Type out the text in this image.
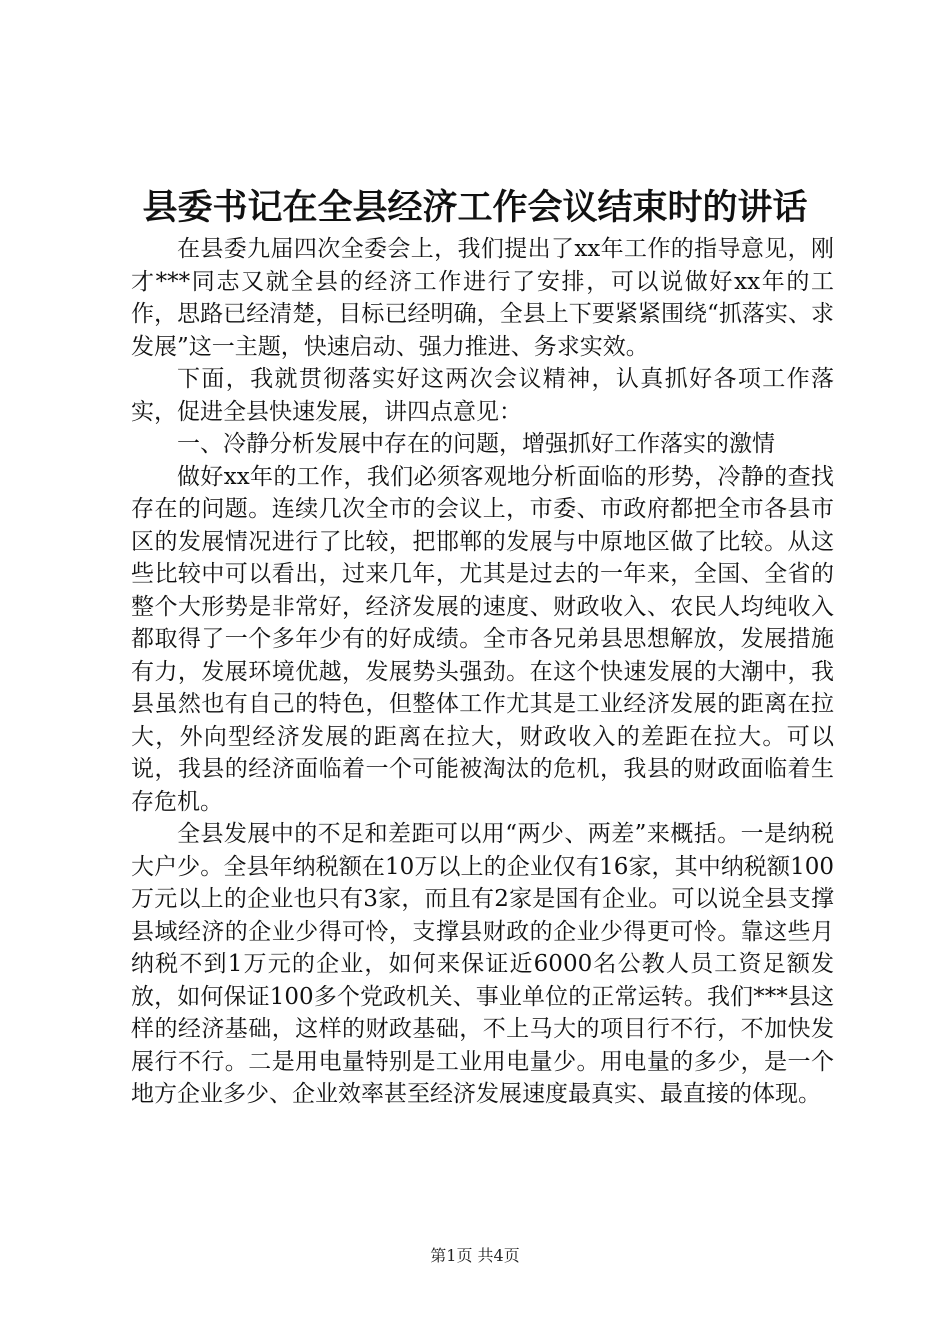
县委书记在全县经济工作会议结束时的讲话

在县委九届四次全委会上，我们提出了xx年工作的指导意见，刚才***同志又就全县的经济工作进行了安排，可以说做好xx年的工作，思路已经清楚，目标已经明确，全县上下要紧紧围绕“抓落实、求发展”这一主题，快速启动、强力推进、务求实效。

下面，我就贯彻落实好这两次会议精神，认真抓好各项工作落实，促进全县快速发展，讲四点意见：

一、冷静分析发展中存在的问题，增强抓好工作落实的激情

做好xx年的工作，我们必须客观地分析面临的形势，冷静的查找存在的问题。连续几次全市的会议上，市委、市政府都把全市各县市区的发展情况进行了比较，把邯郸的发展与中原地区做了比较。从这些比较中可以看出，过来几年，尤其是过去的一年来，全国、全省的整个大形势是非常好，经济发展的速度、财政收入、农民人均纯收入都取得了一个多年少有的好成绩。全市各兄弟县思想解放，发展措施有力，发展环境优越，发展势头强劲。在这个快速发展的大潮中，我县虽然也有自己的特色，但整体工作尤其是工业经济发展的距离在拉大，外向型经济发展的距离在拉大，财政收入的差距在拉大。可以说，我县的经济面临着一个可能被淘汰的危机，我县的财政面临着生存危机。

全县发展中的不足和差距可以用“两少、两差”来概括。一是纳税大户少。全县年纳税额在10万以上的企业仅有16家，其中纳税额100万元以上的企业也只有3家，而且有2家是国有企业。可以说全县支撑县域经济的企业少得可怜，支撑县财政的企业少得更可怜。靠这些月纳税不到1万元的企业，如何来保证近6000名公教人员工资足额发放，如何保证100多个党政机关、事业单位的正常运转。我们***县这样的经济基础，这样的财政基础，不上马大的项目行不行，不加快发展行不行。二是用电量特别是工业用电量少。用电量的多少，是一个地方企业多少、企业效率甚至经济发展速度最真实、最直接的体现。

第1页 共4页
